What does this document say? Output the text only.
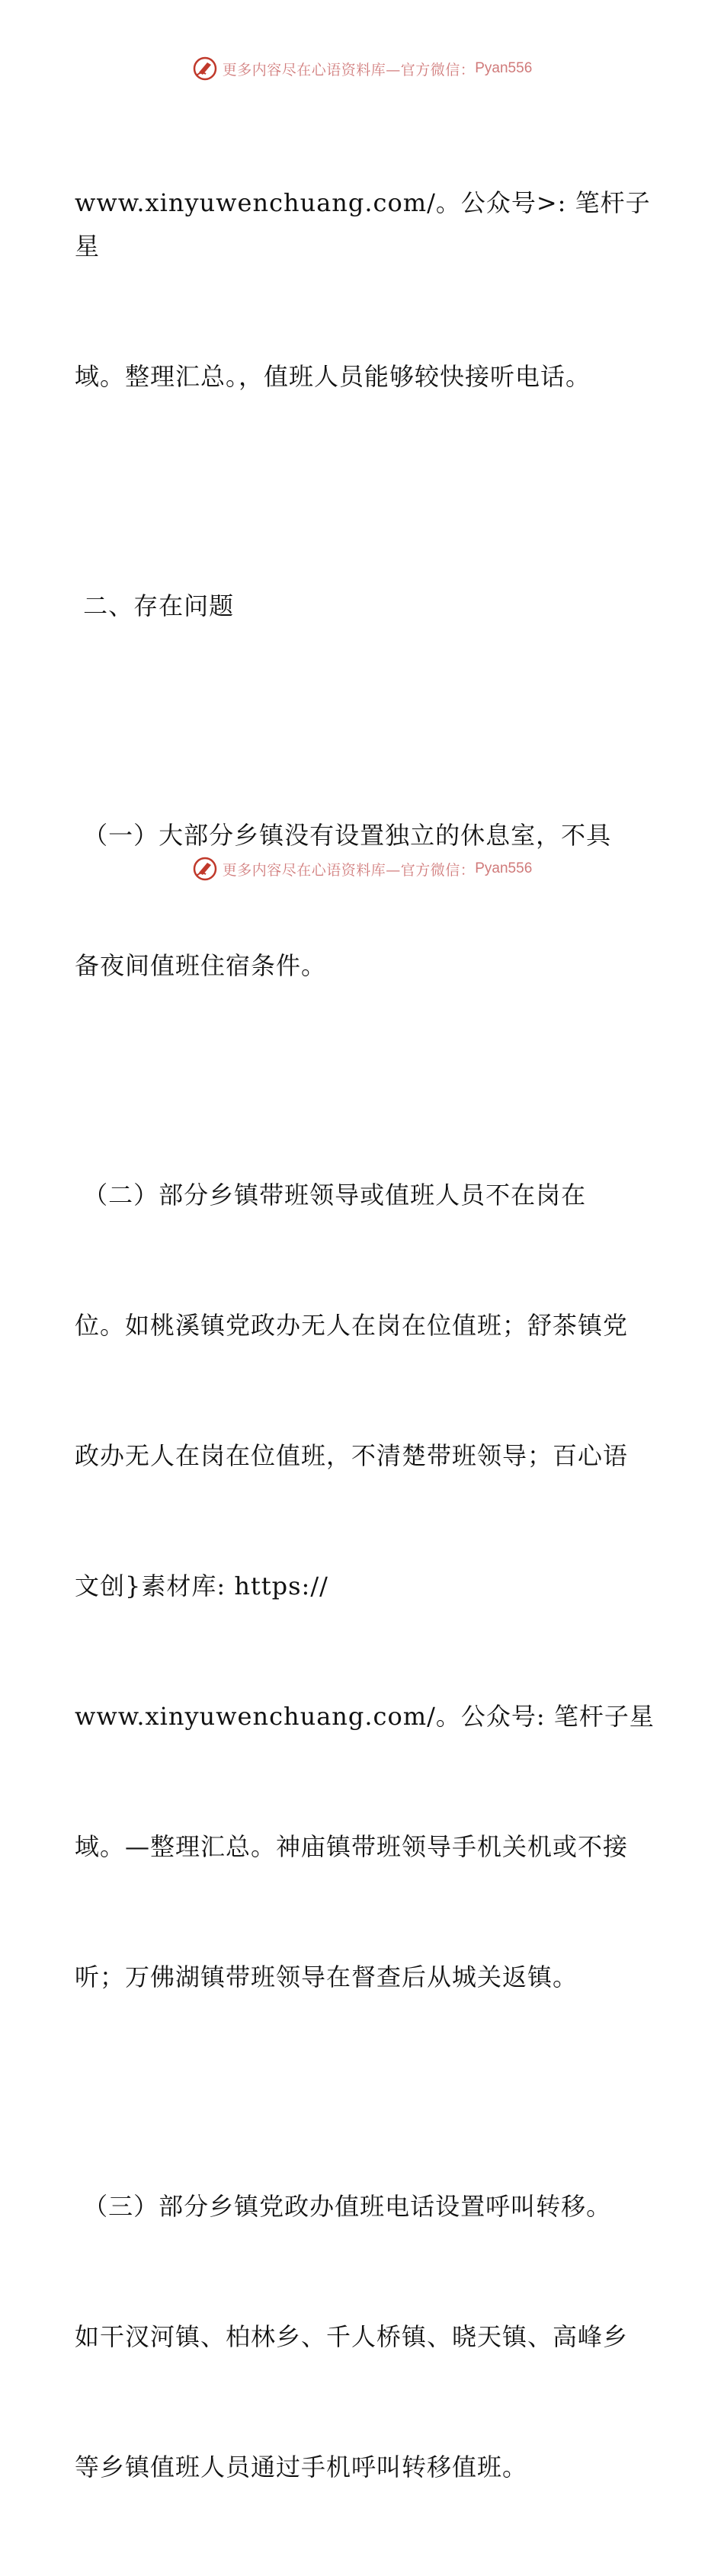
更多内容尽在心语资料库—官方微信： Pyan556

www.xinyuwenchuang.com/。公众号>: 笔杆子星

域。整理汇总。，值班人员能够较快接听电话。

二、存在问题

（一）大部分乡镇没有设置独立的休息室，不具

备夜间值班住宿条件。

（二）部分乡镇带班领导或值班人员不在岗在

位。如桃溪镇党政办无人在岗在位值班；舒茶镇党

政办无人在岗在位值班，不清楚带班领导；百心语

文创}素材库: https://

www.xinyuwenchuang.com/。公众号: 笔杆子星

域。—整理汇总。神庙镇带班领导手机关机或不接

听；万佛湖镇带班领导在督查后从城关返镇。

（三）部分乡镇党政办值班电话设置呼叫转移。

如干汊河镇、柏林乡、千人桥镇、晓天镇、高峰乡

等乡镇值班人员通过手机呼叫转移值班。

更多内容尽在心语资料库—官方微信： Pyan556
